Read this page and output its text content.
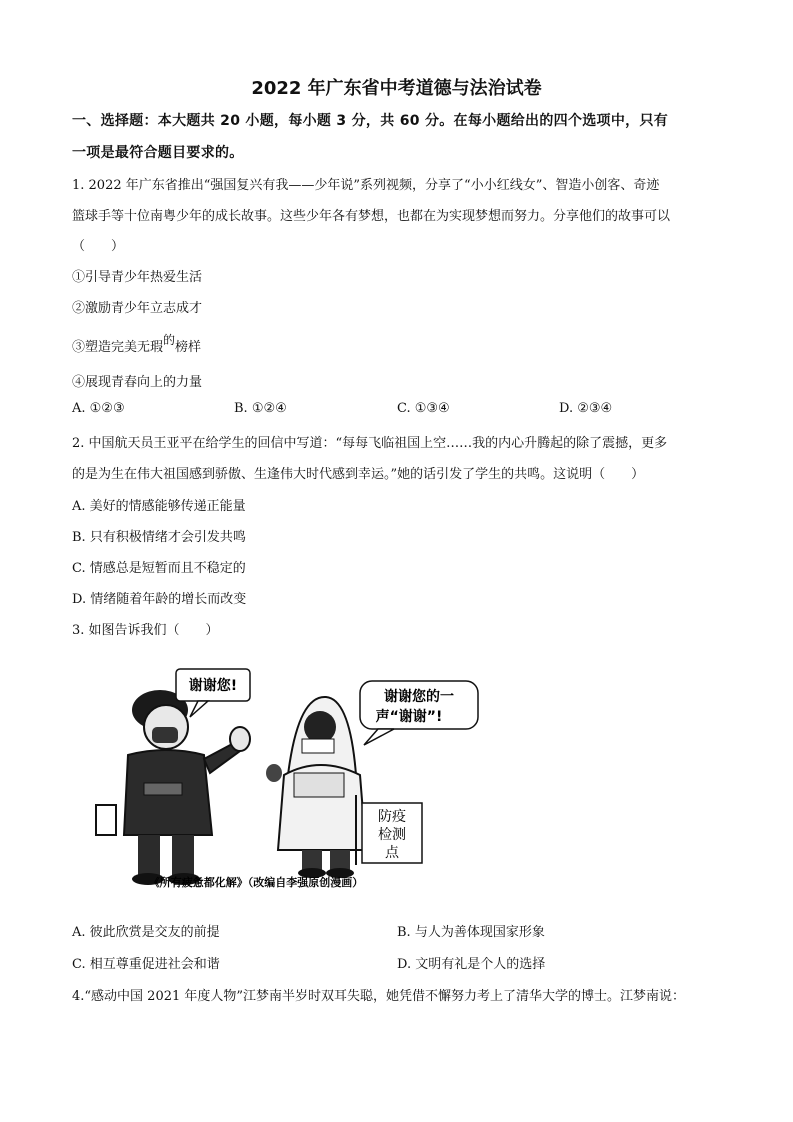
2022 年广东省中考道德与法治试卷
一、选择题：本大题共 20 小题，每小题 3 分，共 60 分。在每小题给出的四个选项中，只有
一项是最符合题目要求的。
1. 2022 年广东省推出“强国复兴有我——少年说”系列视频，分享了“小小红线女”、智造小创客、奇迹
篮球手等十位南粤少年的成长故事。这些少年各有梦想，也都在为实现梦想而努力。分享他们的故事可以
（　　）
①引导青少年热爱生活
②激励青少年立志成才
③塑造完美无瑕的榜样
④展现青春向上的力量
A. ①②③	B. ①②④	C. ①③④	D. ②③④
2. 中国航天员王亚平在给学生的回信中写道：“每每飞临祖国上空……我的内心升腾起的除了震撼，更多
的是为生在伟大祖国感到骄傲、生逢伟大时代感到幸运。”她的话引发了学生的共鸣。这说明（　　）
A. 美好的情感能够传递正能量
B. 只有积极情绪才会引发共鸣
C. 情感总是短暂而且不稳定的
D. 情绪随着年龄的增长而改变
3. 如图告诉我们（　　）
谢谢您!
谢谢您的一
声“谢谢”!
防疫
检测
点
《所有疲惫都化解》（改编自李强原创漫画）
A. 彼此欣赏是交友的前提	B. 与人为善体现国家形象
C. 相互尊重促进社会和谐	D. 文明有礼是个人的选择
4.“感动中国 2021 年度人物”江梦南半岁时双耳失聪，她凭借不懈努力考上了清华大学的博士。江梦南说：
